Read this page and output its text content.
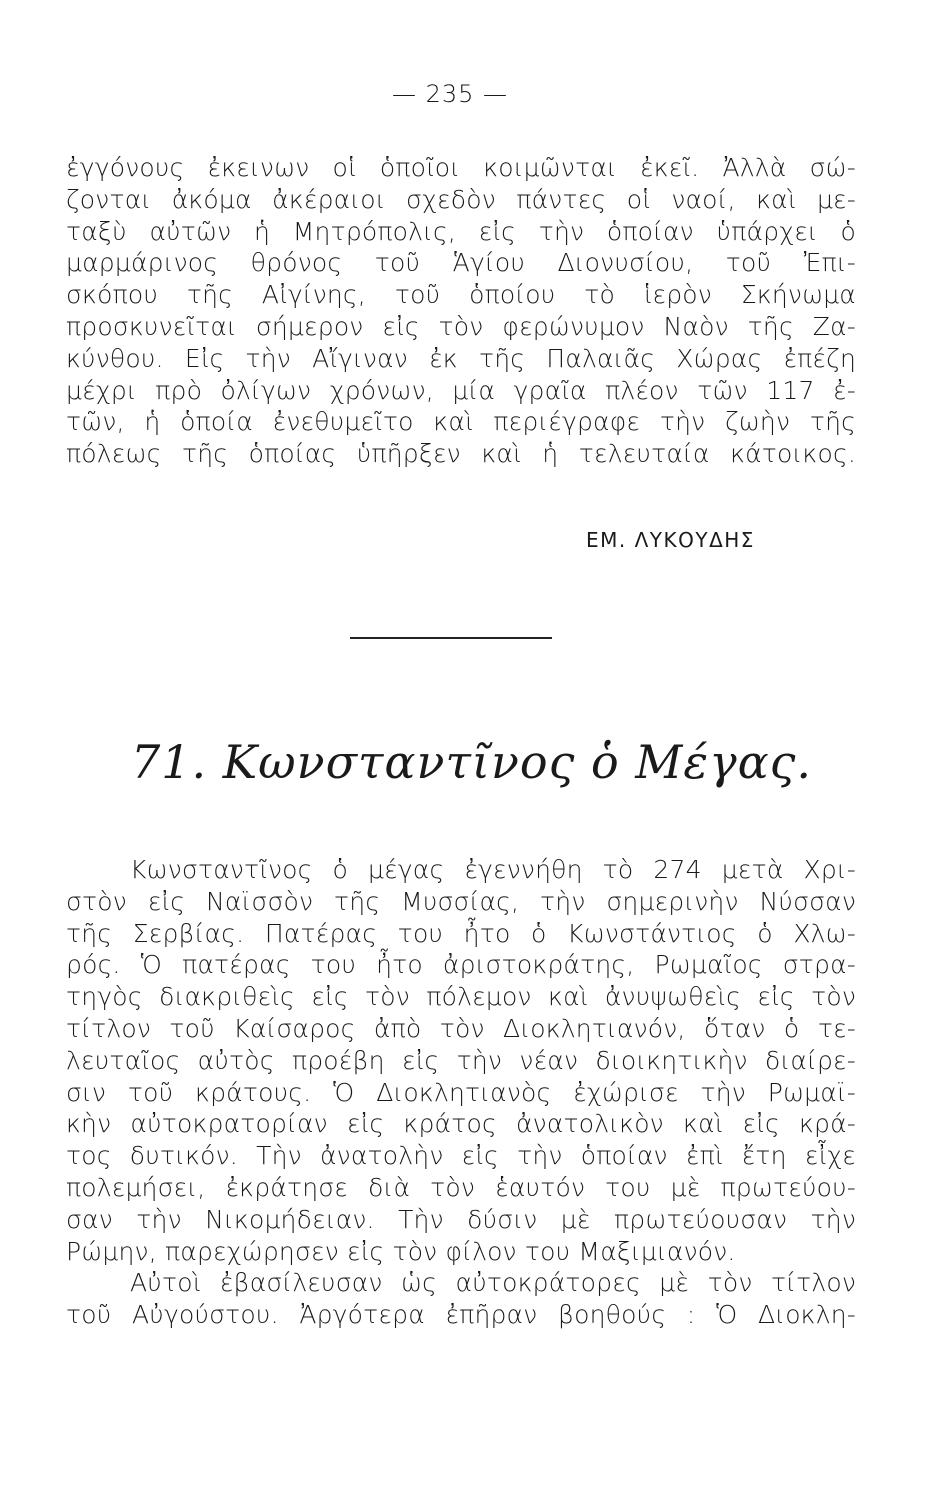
— 235 —
ἐγγόνους ἐκεινων οἱ ὁποῖοι κοιμῶνται ἐκεῖ. Ἀλλὰ σώ-
ζονται ἀκόμα ἀκέραιοι σχεδὸν πάντες οἱ ναοί, καὶ με-
ταξὺ αὐτῶν ἡ Μητρόπολις, εἰς τὴν ὁποίαν ὑπάρχει ὁ
μαρμάρινος θρόνος τοῦ Ἁγίου Διονυσίου, τοῦ Ἐπι-
σκόπου τῆς Αἰγίνης, τοῦ ὁποίου τὸ ἱερὸν Σκήνωμα
προσκυνεῖται σήμερον εἰς τὸν φερώνυμον Ναὸν τῆς Ζα-
κύνθου. Εἰς τὴν Αἴγιναν ἐκ τῆς Παλαιᾶς Χώρας ἐπέζη
μέχρι πρὸ ὀλίγων χρόνων, μία γραῖα πλέον τῶν 117 ἐ-
τῶν, ἡ ὁποία ἐνεθυμεῖτο καὶ περιέγραφε τὴν ζωὴν τῆς
πόλεως τῆς ὁποίας ὑπῆρξεν καὶ ἡ τελευταία κάτοικος.
ΕΜ. ΛΥΚΟΥΔΗΣ
71. Κωνσταντῖνος ὁ Μέγας.
Κωνσταντῖνος ὁ μέγας ἐγεννήθη τὸ 274 μετὰ Χρι-
στὸν εἰς Ναϊσσὸν τῆς Μυσσίας, τὴν σημερινὴν Νύσσαν
τῆς Σερβίας. Πατέρας του ἦτο ὁ Κωνστάντιος ὁ Χλω-
ρός. Ὁ πατέρας του ἦτο ἀριστοκράτης, Ρωμαῖος στρα-
τηγὸς διακριθεὶς εἰς τὸν πόλεμον καὶ ἀνυψωθεὶς εἰς τὸν
τίτλον τοῦ Καίσαρος ἀπὸ τὸν Διοκλητιανόν, ὅταν ὁ τε-
λευταῖος αὐτὸς προέβη εἰς τὴν νέαν διοικητικὴν διαίρε-
σιν τοῦ κράτους. Ὁ Διοκλητιανὸς ἐχώρισε τὴν Ρωμαϊ-
κὴν αὐτοκρατορίαν εἰς κράτος ἀνατολικὸν καὶ εἰς κρά-
τος δυτικόν. Τὴν ἀνατολὴν εἰς τὴν ὁποίαν ἐπὶ ἔτη εἶχε
πολεμήσει, ἐκράτησε διὰ τὸν ἑαυτόν του μὲ πρωτεύου-
σαν τὴν Νικομήδειαν. Τὴν δύσιν μὲ πρωτεύουσαν τὴν
Ρώμην, παρεχώρησεν εἰς τὸν φίλον του Μαξιμιανόν.
Αὐτοὶ ἐβασίλευσαν ὡς αὐτοκράτορες μὲ τὸν τίτλον
τοῦ Αὐγούστου. Ἀργότερα ἐπῆραν βοηθούς : Ὁ Διοκλη-
